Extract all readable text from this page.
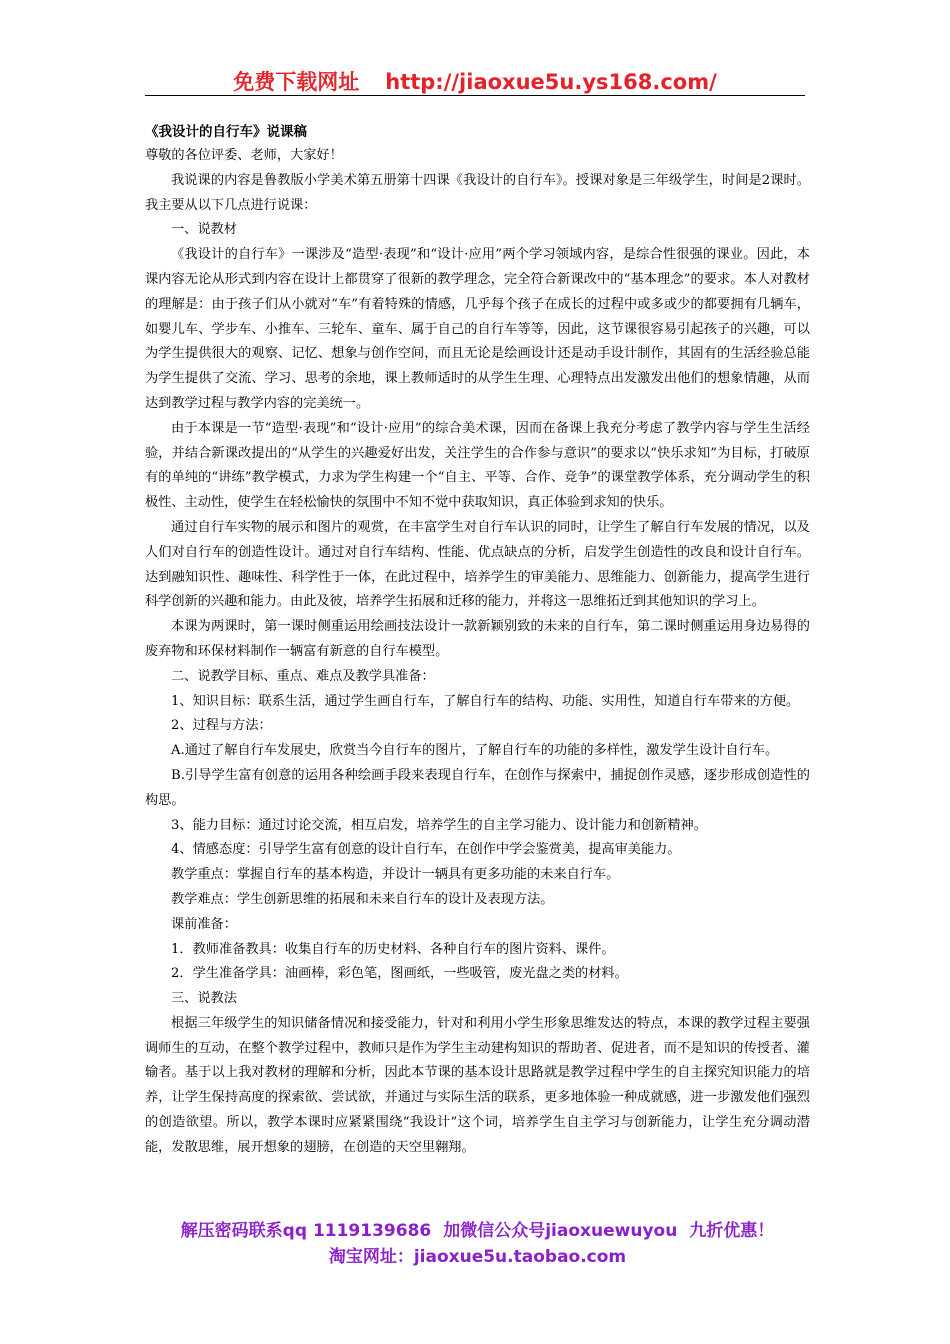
免费下载网址 http://jiaoxue5u.ys168.com/

《我设计的自行车》说课稿

尊敬的各位评委、老师，大家好！

我说课的内容是鲁教版小学美术第五册第十四课《我设计的自行车》。授课对象是三年级学生，时间是2课时。我主要从以下几点进行说课：

一、说教材

《我设计的自行车》一课涉及“造型·表现”和“设计·应用”两个学习领域内容，是综合性很强的课业。因此，本课内容无论从形式到内容在设计上都贯穿了很新的教学理念，完全符合新课改中的“基本理念”的要求。本人对教材的理解是：由于孩子们从小就对“车”有着特殊的情感，几乎每个孩子在成长的过程中或多或少的都要拥有几辆车，如婴儿车、学步车、小推车、三轮车、童车、属于自己的自行车等等，因此，这节课很容易引起孩子的兴趣，可以为学生提供很大的观察、记忆、想象与创作空间，而且无论是绘画设计还是动手设计制作，其固有的生活经验总能为学生提供了交流、学习、思考的余地，课上教师适时的从学生生理、心理特点出发激发出他们的想象情趣，从而达到教学过程与教学内容的完美统一。

由于本课是一节“造型·表现”和“设计·应用”的综合美术课，因而在备课上我充分考虑了教学内容与学生生活经验，并结合新课改提出的“从学生的兴趣爱好出发，关注学生的合作参与意识”的要求以“快乐求知”为目标，打破原有的单纯的“讲练”教学模式，力求为学生构建一个“自主、平等、合作、竞争”的课堂教学体系，充分调动学生的积极性、主动性，使学生在轻松愉快的氛围中不知不觉中获取知识，真正体验到求知的快乐。

通过自行车实物的展示和图片的观赏，在丰富学生对自行车认识的同时，让学生了解自行车发展的情况，以及人们对自行车的创造性设计。通过对自行车结构、性能、优点缺点的分析，启发学生创造性的改良和设计自行车。达到融知识性、趣味性、科学性于一体，在此过程中，培养学生的审美能力、思维能力、创新能力，提高学生进行科学创新的兴趣和能力。由此及彼，培养学生拓展和迁移的能力，并将这一思维拓迁到其他知识的学习上。

本课为两课时，第一课时侧重运用绘画技法设计一款新颖别致的未来的自行车，第二课时侧重运用身边易得的废弃物和环保材料制作一辆富有新意的自行车模型。

二、说教学目标、重点、难点及教学具准备：

1、知识目标：联系生活，通过学生画自行车，了解自行车的结构、功能、实用性，知道自行车带来的方便。

2、过程与方法：

A.通过了解自行车发展史，欣赏当今自行车的图片，了解自行车的功能的多样性，激发学生设计自行车。

B.引导学生富有创意的运用各种绘画手段来表现自行车，在创作与探索中，捕捉创作灵感，逐步形成创造性的构思。

3、能力目标：通过讨论交流，相互启发，培养学生的自主学习能力、设计能力和创新精神。

4、情感态度：引导学生富有创意的设计自行车，在创作中学会鉴赏美，提高审美能力。

教学重点：掌握自行车的基本构造，并设计一辆具有更多功能的未来自行车。

教学难点：学生创新思维的拓展和未来自行车的设计及表现方法。

课前准备：

1．教师准备教具：收集自行车的历史材料、各种自行车的图片资料、课件。

2．学生准备学具：油画棒，彩色笔，图画纸，一些吸管，废光盘之类的材料。

三、说教法

根据三年级学生的知识储备情况和接受能力，针对和利用小学生形象思维发达的特点，本课的教学过程主要强调师生的互动，在整个教学过程中，教师只是作为学生主动建构知识的帮助者、促进者，而不是知识的传授者、灌输者。基于以上我对教材的理解和分析，因此本节课的基本设计思路就是教学过程中学生的自主探究知识能力的培养，让学生保持高度的探索欲、尝试欲，并通过与实际生活的联系，更多地体验一种成就感，进一步激发他们强烈的创造欲望。所以，教学本课时应紧紧围绕“我设计”这个词，培养学生自主学习与创新能力，让学生充分调动潜能，发散思维，展开想象的翅膀，在创造的天空里翱翔。

解压密码联系qq 1119139686 加微信公众号jiaoxuewuyou 九折优惠！
淘宝网址：jiaoxue5u.taobao.com
